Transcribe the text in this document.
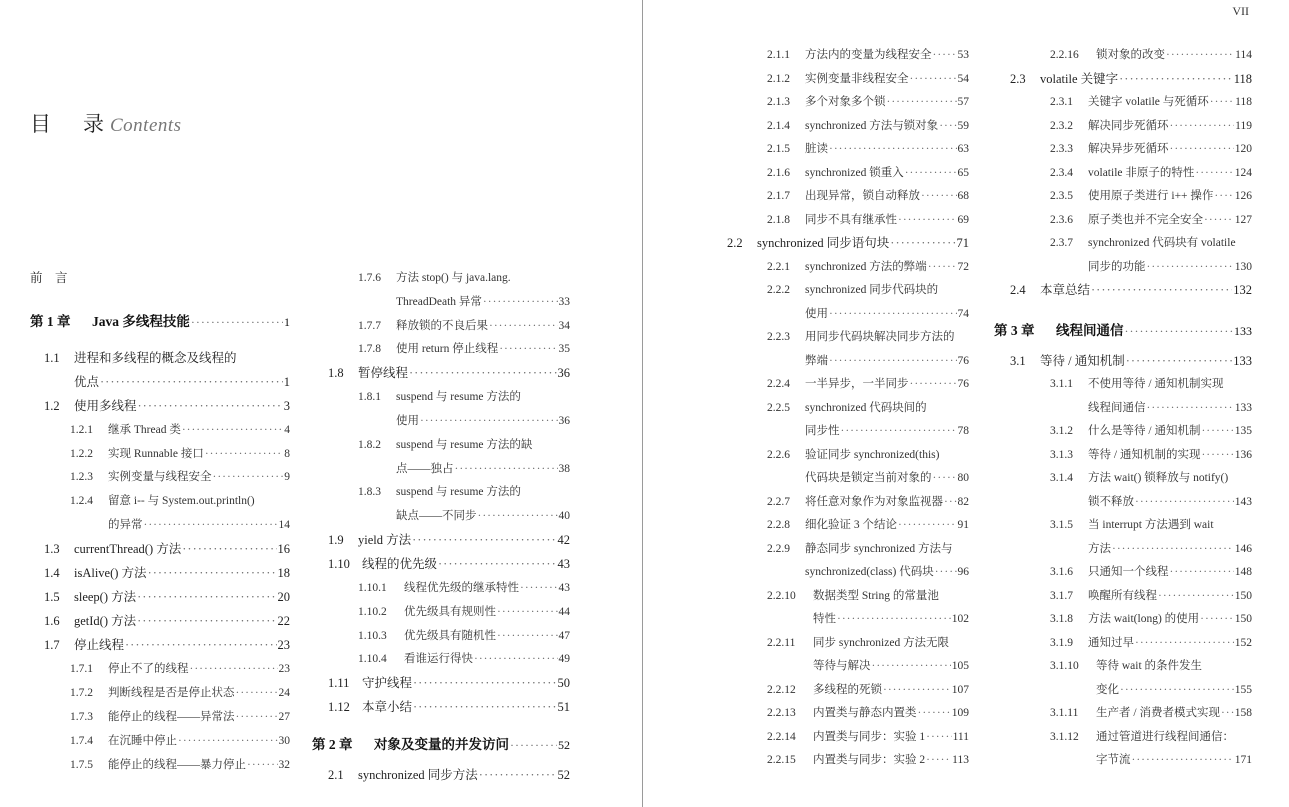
目 录 Contents
VII
前　言
第 1 章	Java 多线程技能 ·····	1
1.1	进程和多线程的概念及线程的
优点 ·····	1
1.2	使用多线程 ·····	3
1.2.1	继承 Thread 类 ·····	4
1.2.2	实现 Runnable 接口 ·····	8
1.2.3	实例变量与线程安全 ·····	9
1.2.4	留意 i-- 与 System.out.println()
的异常 ·····	14
1.3	currentThread() 方法 ·····	16
1.4	isAlive() 方法 ·····	18
1.5	sleep() 方法 ·····	20
1.6	getId() 方法 ·····	22
1.7	停止线程 ·····	23
1.7.1	停止不了的线程 ·····	23
1.7.2	判断线程是否是停止状态 ·····	24
1.7.3	能停止的线程——异常法 ·····	27
1.7.4	在沉睡中停止 ·····	30
1.7.5	能停止的线程——暴力停止 ·····	32
1.7.6	方法 stop() 与 java.lang.
ThreadDeath 异常 ·····	33
1.7.7	释放锁的不良后果 ·····	34
1.7.8	使用 return 停止线程 ·····	35
1.8	暂停线程 ·····	36
1.8.1	suspend 与 resume 方法的
使用 ·····	36
1.8.2	suspend 与 resume 方法的缺
点——独占 ·····	38
1.8.3	suspend 与 resume 方法的
缺点——不同步 ·····	40
1.9	yield 方法 ·····	42
1.10 线程的优先级 ·····	43
1.10.1	线程优先级的继承特性 ·····	43
1.10.2	优先级具有规则性 ·····	44
1.10.3	优先级具有随机性 ·····	47
1.10.4	看谁运行得快 ·····	49
1.11	守护线程 ·····	50
1.12 本章小结 ·····	51
第 2 章	对象及变量的并发访问 ·····	52
2.1	synchronized 同步方法 ·····	52
2.1.1	方法内的变量为线程安全 ····· 53
2.1.2	实例变量非线程安全 ·····	54
2.1.3	多个对象多个锁 ·····	57
2.1.4	synchronized 方法与锁对象 ····· 59
2.1.5	脏读 ·····	63
2.1.6	synchronized 锁重入 ·····	65
2.1.7	出现异常，锁自动释放 ·····	68
2.1.8	同步不具有继承性 ·····	69
2.2	synchronized 同步语句块 ·····	71
2.2.1	synchronized 方法的弊端 ·····	72
2.2.2	synchronized 同步代码块的
使用 ·····	74
2.2.3	用同步代码块解决同步方法的
弊端 ·····	76
2.2.4	一半异步，一半同步 ·····	76
2.2.5	synchronized 代码块间的
同步性 ·····	78
2.2.6	验证同步 synchronized(this)
代码块是锁定当前对象的 ····· 80
2.2.7	将任意对象作为对象监视器 ····· 82
2.2.8	细化验证 3 个结论 ·····	91
2.2.9	静态同步 synchronized 方法与
synchronized(class) 代码块 ····· 96
2.2.10	数据类型 String 的常量池
特性 ·····	102
2.2.11	同步 synchronized 方法无限
等待与解决 ·····	105
2.2.12	多线程的死锁 ·····	107
2.2.13	内置类与静态内置类 ·····	109
2.2.14	内置类与同步：实验 1 ····· 111
2.2.15	内置类与同步：实验 2 ····· 113
2.2.16	锁对象的改变 ·····	114
2.3	volatile 关键字 ·····	118
2.3.1	关键字 volatile 与死循环 ····· 118
2.3.2	解决同步死循环 ·····	119
2.3.3	解决异步死循环 ·····	120
2.3.4	volatile 非原子的特性 ·····	124
2.3.5	使用原子类进行 i++ 操作 ····· 126
2.3.6	原子类也并不完全安全 ·····	127
2.3.7	synchronized 代码块有 volatile
同步的功能 ·····	130
2.4	本章总结 ·····	132
第 3 章	线程间通信 ·····	133
3.1	等待 / 通知机制 ·····	133
3.1.1	不使用等待 / 通知机制实现
线程间通信 ·····	133
3.1.2	什么是等待 / 通知机制 ·····	135
3.1.3	等待 / 通知机制的实现 ·····	136
3.1.4	方法 wait() 锁释放与 notify()
锁不释放 ·····	143
3.1.5	当 interrupt 方法遇到 wait
方法 ·····	146
3.1.6	只通知一个线程 ·····	148
3.1.7	唤醒所有线程 ·····	150
3.1.8	方法 wait(long) 的使用 ·····	150
3.1.9	通知过早 ·····	152
3.1.10	等待 wait 的条件发生
变化 ·····	155
3.1.11	生产者 / 消费者模式实现 ····· 158
3.1.12	通过管道进行线程间通信：
字节流 ·····	171
